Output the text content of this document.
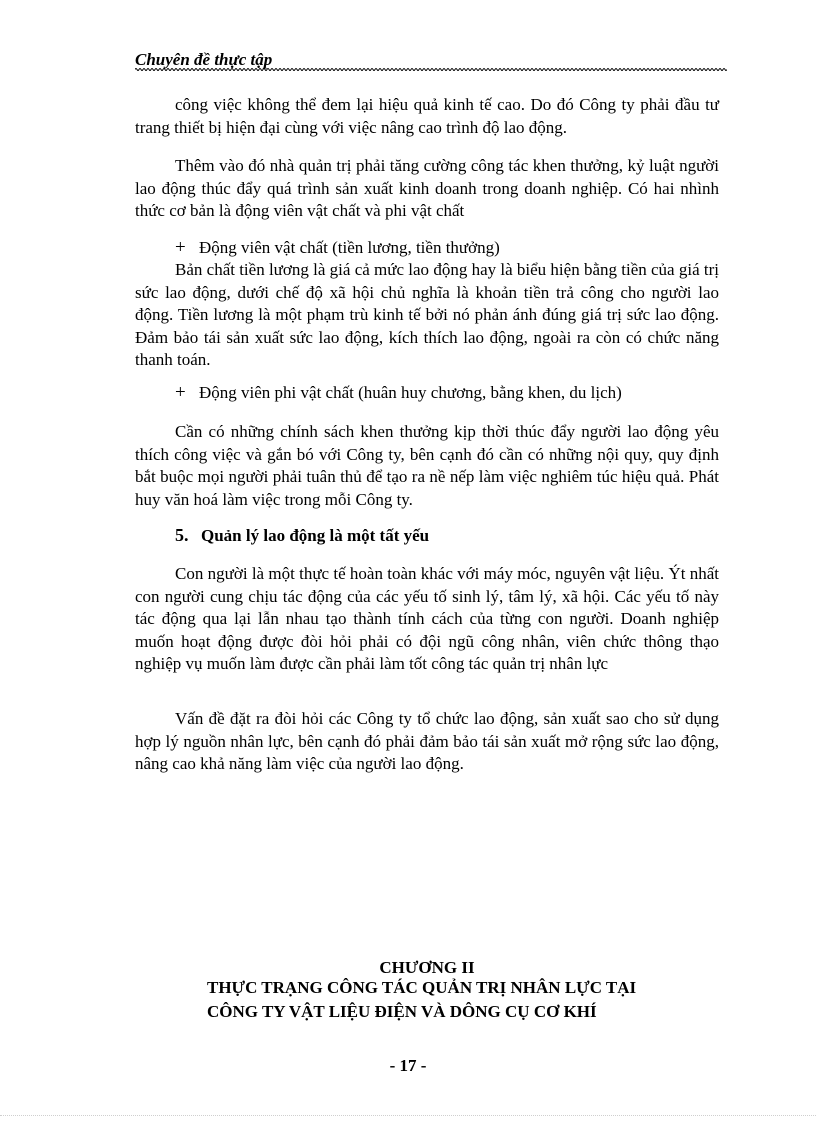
Chuyên đề thực tập

công việc không thể đem lại hiệu quả kinh tế cao. Do đó Công ty phải đầu tư trang thiết bị hiện đại cùng với việc nâng cao trình độ lao động.

Thêm vào đó nhà quản trị phải tăng cường công tác khen thưởng, kỷ luật người lao động thúc đẩy quá trình sản xuất kinh doanh trong doanh nghiệp. Có hai nhình thức cơ bản là động viên vật chất và phi vật chất

+ Động viên vật chất (tiền lương, tiền thưởng)

Bản chất tiền lương là giá cả mức lao động hay là biểu hiện bằng tiền của giá trị sức lao động, dưới chế độ xã hội chủ nghĩa là khoản tiền trả công cho người lao động. Tiền lương là một phạm trù kinh tế bởi nó phản ánh đúng giá trị sức lao động. Đảm bảo tái sản xuất sức lao động, kích thích lao động, ngoài ra còn có chức năng thanh toán.

+ Động viên phi vật chất (huân huy chương, bằng khen, du lịch)

Cần có những chính sách khen thưởng kịp thời thúc đẩy người lao động yêu thích công việc và gắn bó với Công ty, bên cạnh đó cần có những nội quy, quy định bắt buộc mọi người phải tuân thủ để tạo ra nề nếp làm việc nghiêm túc hiệu quả. Phát huy văn hoá làm việc trong mỗi Công ty.

5. Quản lý lao động là một tất yếu

Con người là một thực tế hoàn toàn khác với máy móc, nguyên vật liệu. Ýt nhất con người cung chịu tác động của các yếu tố sinh lý, tâm lý, xã hội. Các yếu tố này tác động qua lại lẫn nhau tạo thành tính cách của từng con người. Doanh nghiệp muốn hoạt động được đòi hỏi phải có đội ngũ công nhân, viên chức thông thạo nghiệp vụ muốn làm được cần phải làm tốt công tác quản trị nhân lực

Vấn đề đặt ra đòi hỏi các Công ty tổ chức lao động, sản xuất sao cho sử dụng hợp lý nguồn nhân lực, bên cạnh đó phải đảm bảo tái sản xuất mở rộng sức lao động, nâng cao khả năng làm việc của người lao động.

CHƯƠNG II
THỰC TRẠNG CÔNG TÁC QUẢN TRỊ NHÂN LỰC TẠI
CÔNG TY VẬT LIỆU ĐIỆN VÀ DÔNG CỤ CƠ KHÍ
- 17 -
